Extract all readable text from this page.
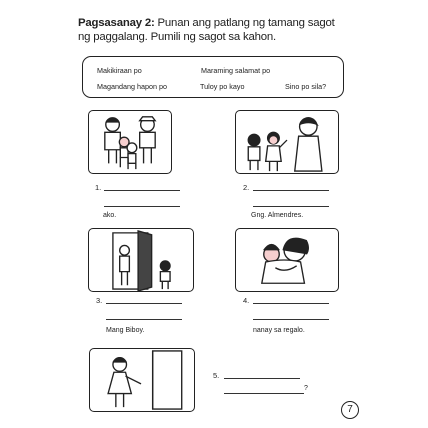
Pagsasanay 2: Punan ang patlang ng tamang sagot
ng paggalang. Pumili ng sagot sa kahon.
Makikiraan po	Maraming salamat po
Magandang hapon po	Tuloy po kayo	Sino po sila?
1.
ako.
2.
Gng. Almendres.
3.
Mang Biboy.
4.
nanay sa regalo.
5.
?
7
